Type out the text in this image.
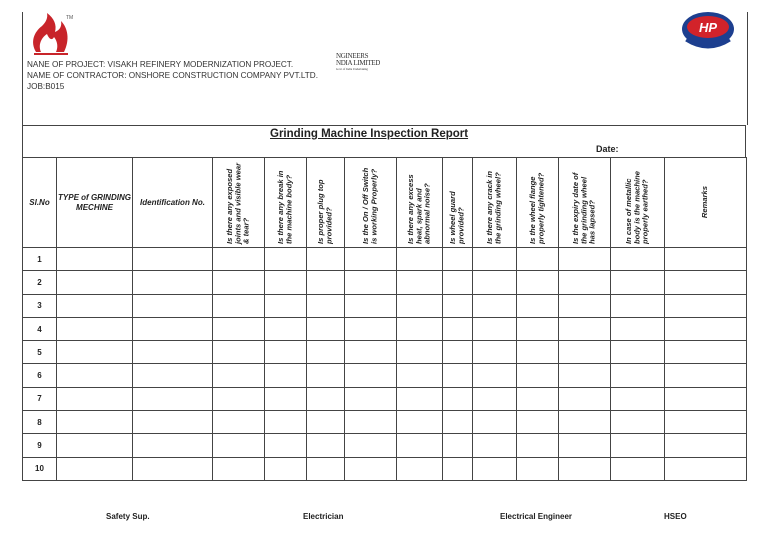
TM
HP
NANE OF PROJECT: VISAKH REFINERY MODERNIZATION PROJECT.
NAME OF CONTRACTOR: ONSHORE CONSTRUCTION COMPANY PVT.LTD.
JOB:B015
NGINEERS
NDIA LIMITED
Govt of India Undertaking
Grinding Machine Inspection Report
Date:
Sl.No	TYPE of GRINDING MECHINE	Identification No.	Is there any exposed joints and visible wear & tear?	Is there any break in the machine body?	Is proper plug top provided?	Is the On / Off Switch is working Properly?	Is there any excess heat, spark and abnormal noise?	Is wheel guard provided?	Is there any crack in the grinding wheel?	Is the wheel flange properly tightened?	Is the expiry date of the grinding wheel has lapsed?	In case of metallic body is the machine properly earthed?	Remarks

1													
2													
3													
4													
5													
6													
7													
8													
9													
10													
Safety Sup.	Electrician	Electrical Engineer	HSEO
